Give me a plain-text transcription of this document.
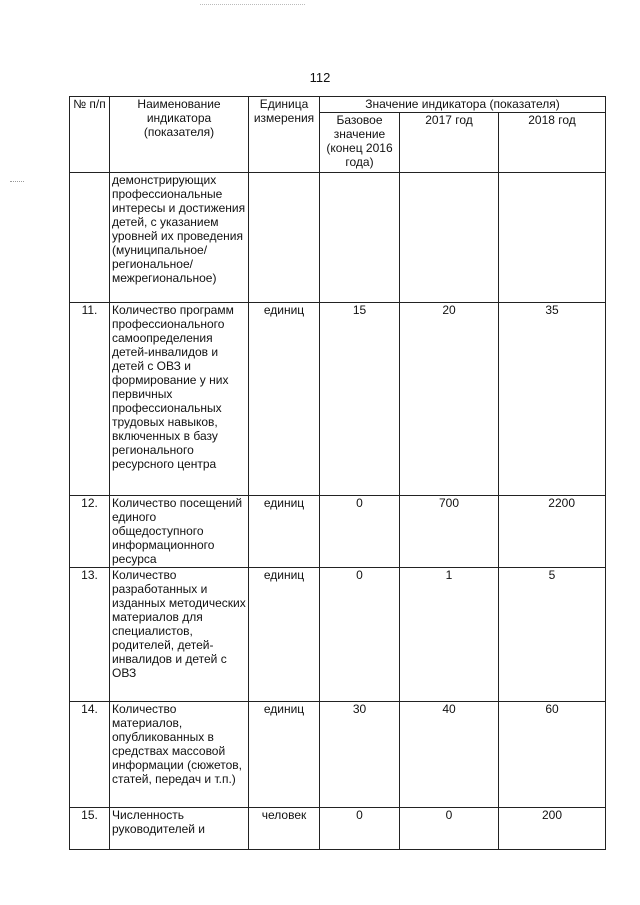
112
№ п/п	Наименование индикатора (показателя)	Единица измерения	Значение индикатора (показателя)		
			Базовое значение (конец 2016 года)	2017 год	2018 год
	демонстрирующих профессиональные интересы и достижения детей, с указанием уровней их проведения (муниципальное/ региональное/ межрегиональное)				
11.	Количество программ профессионального самоопределения детей-инвалидов и детей с ОВЗ и формирование у них первичных профессиональных трудовых навыков, включенных в базу регионального ресурсного центра	единиц	15	20	35
12.	Количество посещений единого общедоступного информационного ресурса	единиц	0	700	2200
13.	Количество разработанных и изданных методических материалов для специалистов, родителей, детей-инвалидов и детей с ОВЗ	единиц	0	1	5
14.	Количество материалов, опубликованных в средствах массовой информации (сюжетов, статей, передач и т.п.)	единиц	30	40	60
15.	Численность руководителей и	человек	0	0	200
